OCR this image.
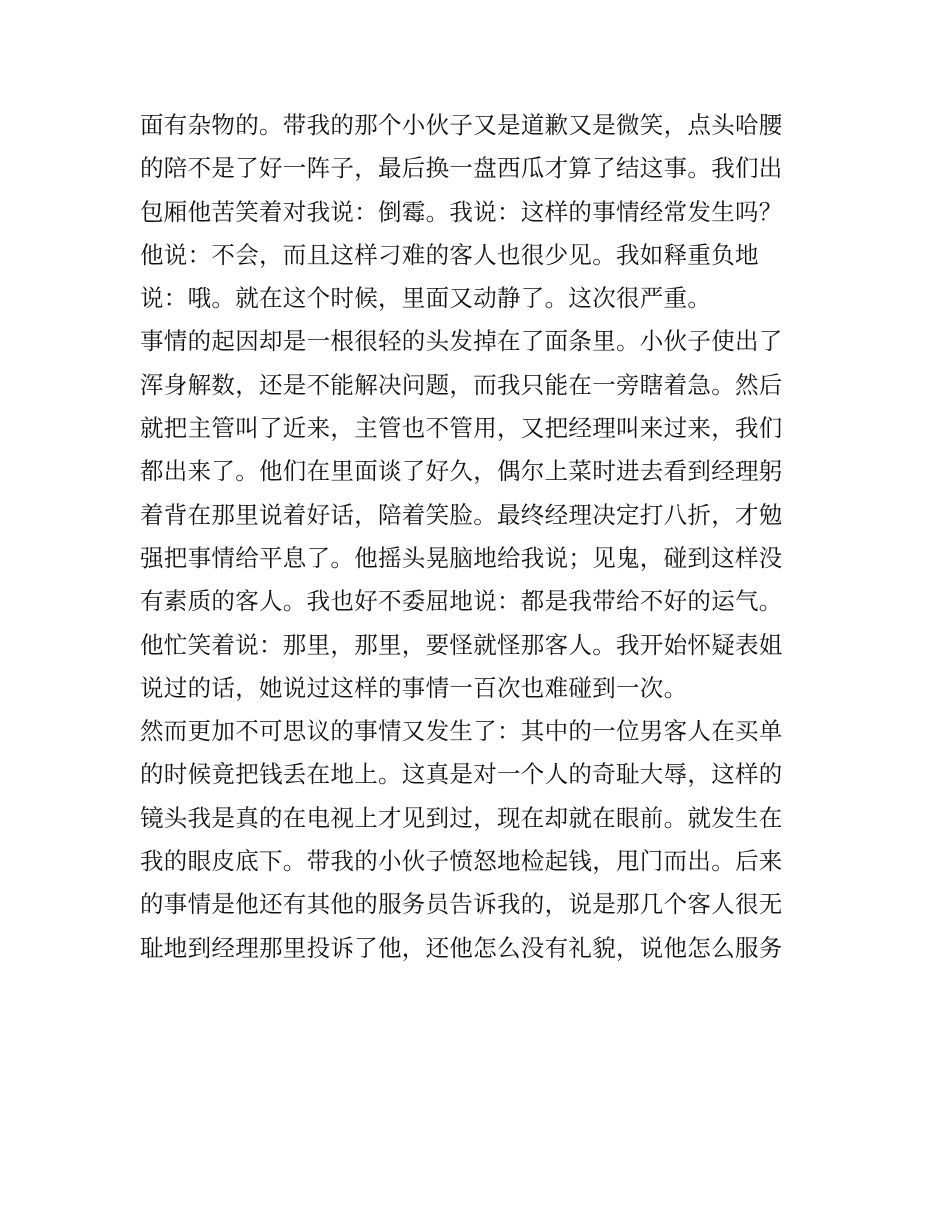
面有杂物的。带我的那个小伙子又是道歉又是微笑，点头哈腰
的陪不是了好一阵子，最后换一盘西瓜才算了结这事。我们出
包厢他苦笑着对我说：倒霉。我说：这样的事情经常发生吗？
他说：不会，而且这样刁难的客人也很少见。我如释重负地
说：哦。就在这个时候，里面又动静了。这次很严重。
事情的起因却是一根很轻的头发掉在了面条里。小伙子使出了
浑身解数，还是不能解决问题，而我只能在一旁瞎着急。然后
就把主管叫了近来，主管也不管用，又把经理叫来过来，我们
都出来了。他们在里面谈了好久，偶尔上菜时进去看到经理躬
着背在那里说着好话，陪着笑脸。最终经理决定打八折，才勉
强把事情给平息了。他摇头晃脑地给我说；见鬼，碰到这样没
有素质的客人。我也好不委屈地说：都是我带给不好的运气。
他忙笑着说：那里，那里，要怪就怪那客人。我开始怀疑表姐
说过的话，她说过这样的事情一百次也难碰到一次。
然而更加不可思议的事情又发生了：其中的一位男客人在买单
的时候竟把钱丢在地上。这真是对一个人的奇耻大辱，这样的
镜头我是真的在电视上才见到过，现在却就在眼前。就发生在
我的眼皮底下。带我的小伙子愤怒地检起钱，甩门而出。后来
的事情是他还有其他的服务员告诉我的，说是那几个客人很无
耻地到经理那里投诉了他，还他怎么没有礼貌，说他怎么服务
